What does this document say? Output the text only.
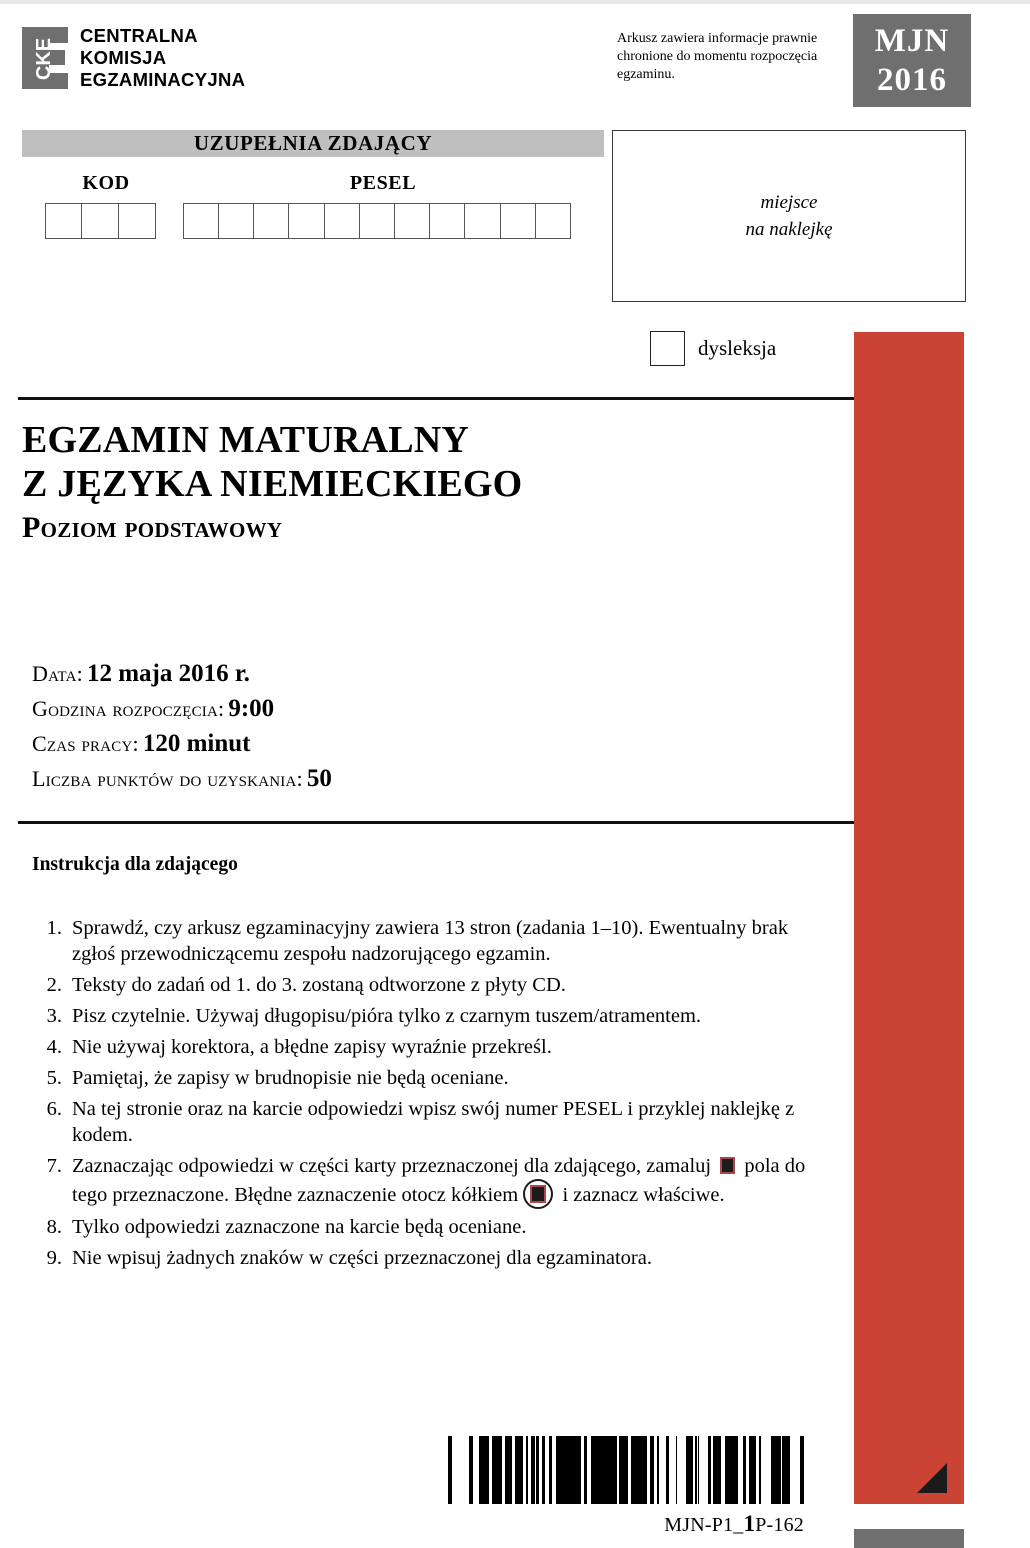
CKE
CENTRALNA
KOMISJA
EGZAMINACYJNA
Arkusz zawiera informacje prawnie chronione do momentu rozpoczęcia egzaminu.
MJN
2016
UZUPEŁNIA ZDAJĄCY
KOD	PESEL
miejsce
na naklejkę
dysleksja
EGZAMIN MATURALNY
Z JĘZYKA NIEMIECKIEGO
Poziom podstawowy
Data: 12 maja 2016 r.
Godzina rozpoczęcia: 9:00
Czas pracy: 120 minut
Liczba punktów do uzyskania: 50
Instrukcja dla zdającego
1. Sprawdź, czy arkusz egzaminacyjny zawiera 13 stron (zadania 1–10). Ewentualny brak zgłoś przewodniczącemu zespołu nadzorującego egzamin.
2. Teksty do zadań od 1. do 3. zostaną odtworzone z płyty CD.
3. Pisz czytelnie. Używaj długopisu/pióra tylko z czarnym tuszem/atramentem.
4. Nie używaj korektora, a błędne zapisy wyraźnie przekreśl.
5. Pamiętaj, że zapisy w brudnopisie nie będą oceniane.
6. Na tej stronie oraz na karcie odpowiedzi wpisz swój numer PESEL i przyklej naklejkę z kodem.
7. Zaznaczając odpowiedzi w części karty przeznaczonej dla zdającego, zamaluj  pola do tego przeznaczone. Błędne zaznaczenie otocz kółkiem
i zaznacz właściwe.
8. Tylko odpowiedzi zaznaczone na karcie będą oceniane.
9. Nie wpisuj żadnych znaków w części przeznaczonej dla egzaminatora.
MJN-P1_1P-162
